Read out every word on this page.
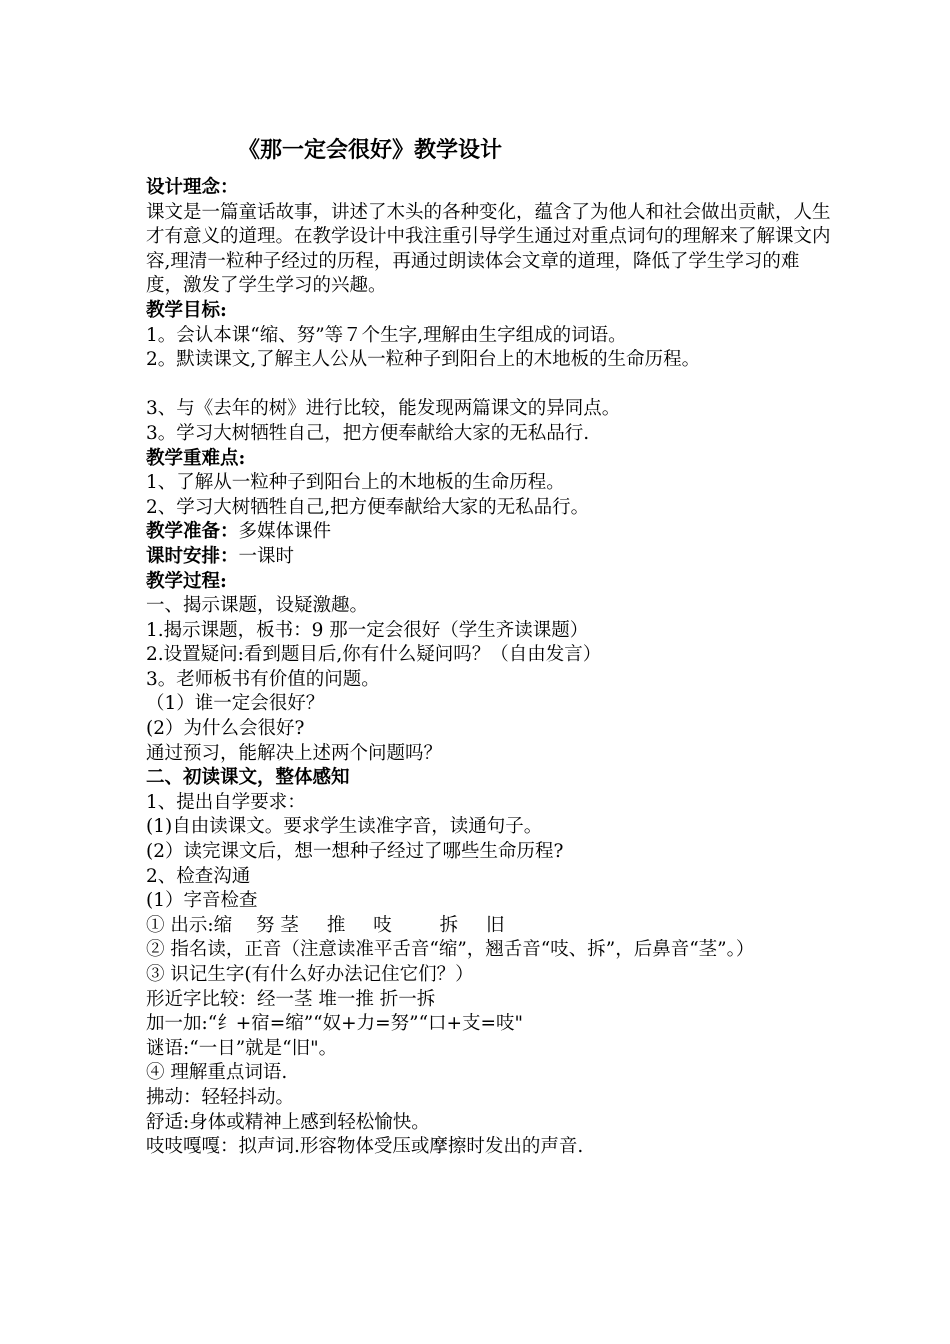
《那一定会很好》教学设计
设计理念：
课文是一篇童话故事，讲述了木头的各种变化，蕴含了为他人和社会做出贡献，人生才有意义的道理。在教学设计中我注重引导学生通过对重点词句的理解来了解课文内容,理清一粒种子经过的历程，再通过朗读体会文章的道理，降低了学生学习的难度，激发了学生学习的兴趣。
教学目标:
1。会认本课“缩、努”等７个生字,理解由生字组成的词语。
2。默读课文,了解主人公从一粒种子到阳台上的木地板的生命历程。
3、与《去年的树》进行比较，能发现两篇课文的异同点。
3。学习大树牺牲自己，把方便奉献给大家的无私品行.
教学重难点:
1、了解从一粒种子到阳台上的木地板的生命历程。
2、学习大树牺牲自己,把方便奉献给大家的无私品行。
教学准备：多媒体课件
课时安排：一课时
教学过程:
一、揭示课题，设疑激趣。
1.揭示课题，板书：9 那一定会很好（学生齐读课题）
2.设置疑问:看到题目后,你有什么疑问吗？（自由发言）
3。老师板书有价值的问题。
（1）谁一定会很好？
(2）为什么会很好?
通过预习，能解决上述两个问题吗？
二、初读课文，整体感知
1、提出自学要求：
(1)自由读课文。要求学生读准字音，读通句子。
(2）读完课文后，想一想种子经过了哪些生命历程?
2、检查沟通
(1）字音检查
① 出示:缩 努 茎 推 吱	拆 旧
② 指名读，正音（注意读准平舌音“缩”，翘舌音“吱、拆”，后鼻音“茎”。）
③ 识记生字(有什么好办法记住它们？）
形近字比较：经一茎 堆一推 折一拆
加一加:“纟+宿=缩”“奴+力=努”“口+支=吱"
谜语:“一日”就是“旧"。
④ 理解重点词语.
拂动：轻轻抖动。
舒适:身体或精神上感到轻松愉快。
吱吱嘎嘎：拟声词.形容物体受压或摩擦时发出的声音.
